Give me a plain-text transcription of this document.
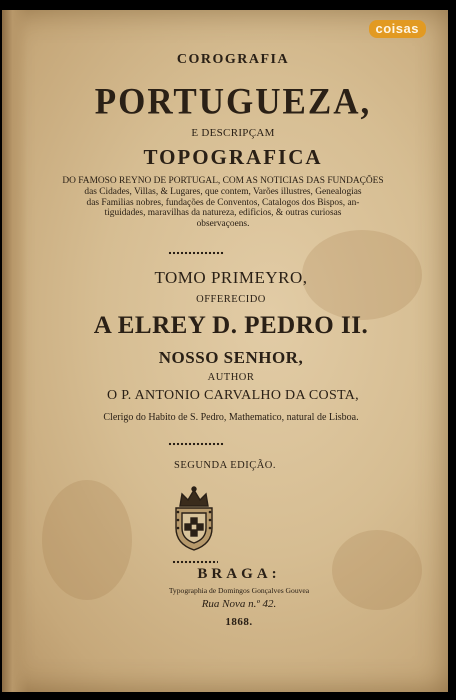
coisas
COROGRAFIA
PORTUGUEZA,
E DESCRIPÇAM
TOPOGRAFICA
DO FAMOSO REYNO DE PORTUGAL, COM AS NOTICIAS DAS FUNDAÇÕES
das Cidades, Villas, & Lugares, que contem, Varões illustres, Genealogias
das Familias nobres, fundações de Conventos, Catalogos dos Bispos, an-
tiguidades, maravilhas da natureza, edificios, & outras curiosas
observaçoens.
TOMO PRIMEYRO,
OFFERECIDO
A ELREY D. PEDRO II.
NOSSO SENHOR,
AUTHOR
O P. ANTONIO CARVALHO DA COSTA,
Clerigo do Habito de S. Pedro, Mathematico, natural de Lisboa.
SEGUNDA EDIÇÃO.
BRAGA:
Typographia de Domingos Gonçalves Gouvea
Rua Nova n.º 42.
1868.
